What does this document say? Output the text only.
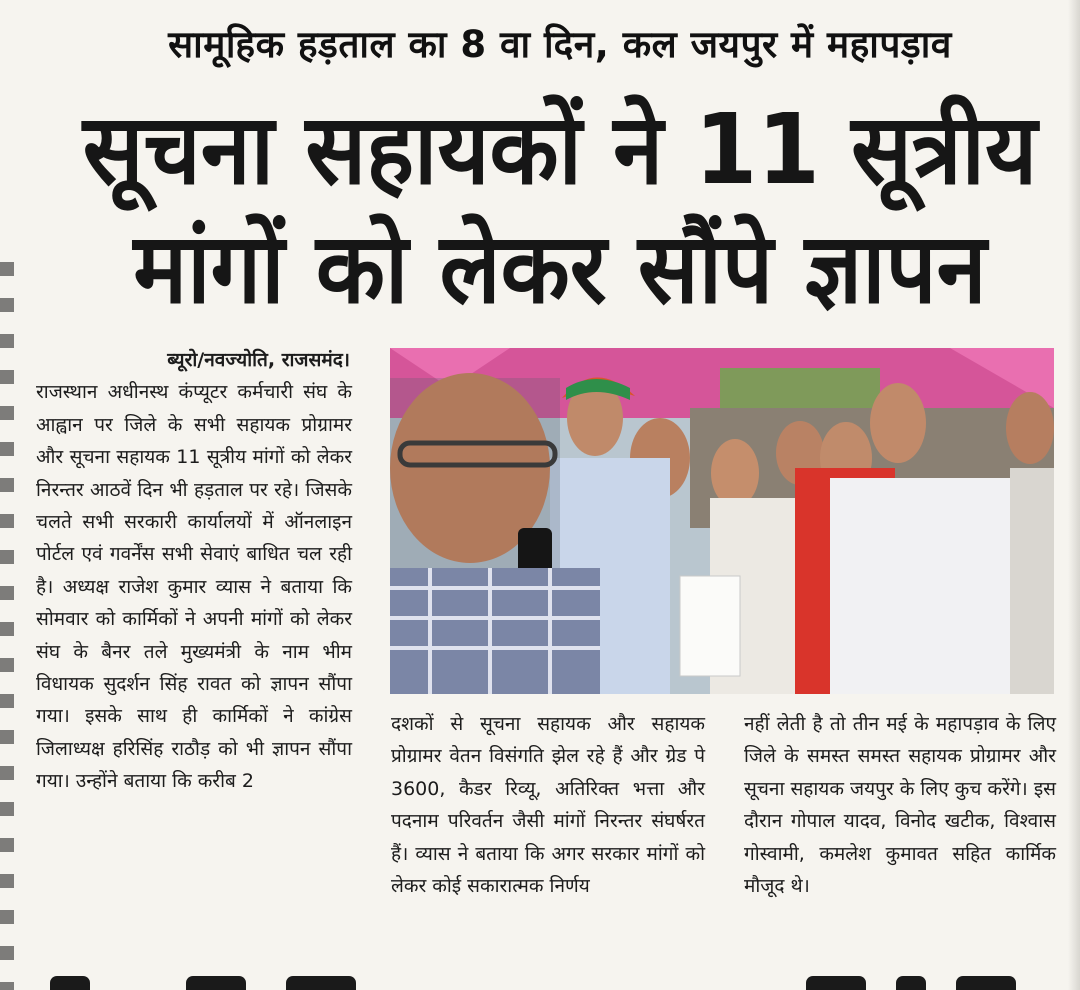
सामूहिक हड़ताल का 8 वा दिन, कल जयपुर में महापड़ाव
सूचना सहायकों ने 11 सूत्रीय
मांगों को लेकर सौंपे ज्ञापन
ब्यूरो/नवज्योति, राजसमंद।

राजस्थान अधीनस्थ कंप्यूटर कर्मचारी संघ के आह्वान पर जिले के सभी सहायक प्रोग्रामर और सूचना सहायक 11 सूत्रीय मांगों को लेकर निरन्तर आठवें दिन भी हड़ताल पर रहे। जिसके चलते सभी सरकारी कार्यालयों में ऑनलाइन पोर्टल एवं गवर्नेंस सभी सेवाएं बाधित चल रही है। अध्यक्ष राजेश कुमार व्यास ने बताया कि सोमवार को कार्मिकों ने अपनी मांगों को लेकर संघ के बैनर तले मुख्यमंत्री के नाम भीम विधायक सुदर्शन सिंह रावत को ज्ञापन सौंपा गया। इसके साथ ही कार्मिकों ने कांग्रेस जिलाध्यक्ष हरिसिंह राठौड़ को भी ज्ञापन सौंपा गया। उन्होंने बताया कि करीब 2

दशकों से सूचना सहायक और सहायक प्रोग्रामर वेतन विसंगति झेल रहे हैं और ग्रेड पे 3600, कैडर रिव्यू, अतिरिक्त भत्ता और पदनाम परिवर्तन जैसी मांगों निरन्तर संघर्षरत हैं। व्यास ने बताया कि अगर सरकार मांगों को लेकर कोई सकारात्मक निर्णय

नहीं लेती है तो तीन मई के महापड़ाव के लिए जिले के समस्त समस्त सहायक प्रोग्रामर और सूचना सहायक जयपुर के लिए कुच करेंगे। इस दौरान गोपाल यादव, विनोद खटीक, विश्वास गोस्वामी, कमलेश कुमावत सहित कार्मिक मौजूद थे।
